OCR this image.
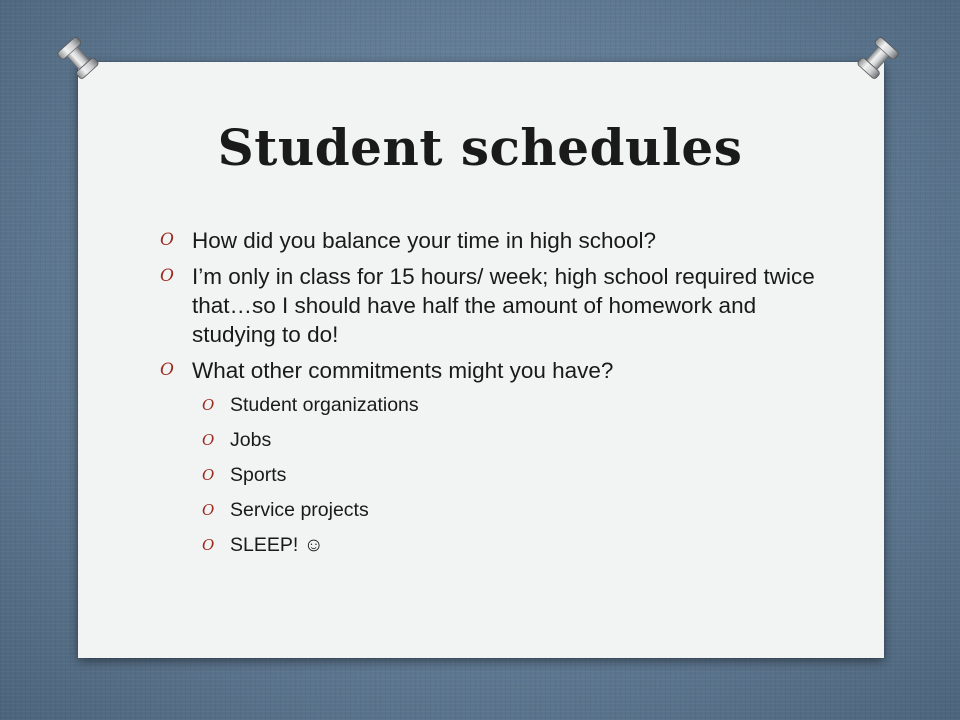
Student schedules
O How did you balance your time in high school?
O I’m only in class for 15 hours/ week; high school required twice that…so I should have half the amount of homework and studying to do!
O What other commitments might you have?
O Student organizations
O Jobs
O Sports
O Service projects
O SLEEP! ☺
